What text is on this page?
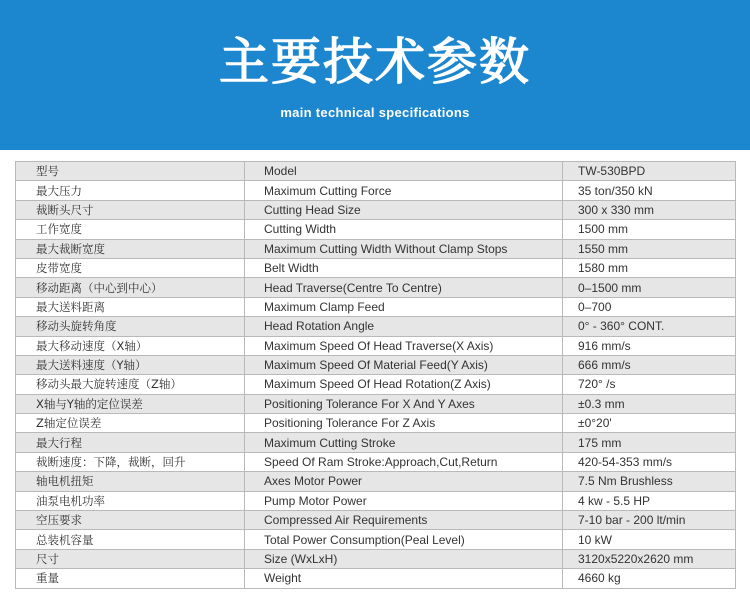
主要技术参数
main technical specifications
型号	Model	TW-530BPD
最大压力	Maximum Cutting Force	35 ton/350 kN
裁断头尺寸	Cutting Head Size	300 x 330 mm
工作宽度	Cutting Width	1500 mm
最大裁断宽度	Maximum Cutting Width Without Clamp Stops	1550 mm
皮带宽度	Belt Width	1580 mm
移动距离（中心到中心）	Head Traverse(Centre To Centre)	0–1500 mm
最大送料距离	Maximum Clamp Feed	0–700
移动头旋转角度	Head Rotation Angle	0° - 360° CONT.
最大移动速度（X轴）	Maximum Speed Of Head Traverse(X Axis)	916 mm/s
最大送料速度（Y轴）	Maximum Speed Of Material Feed(Y Axis)	666 mm/s
移动头最大旋转速度（Z轴）	Maximum Speed Of Head Rotation(Z Axis)	720° /s
X轴与Y轴的定位误差	Positioning Tolerance For X And Y Axes	±0.3 mm
Z轴定位误差	Positioning Tolerance For Z Axis	±0°20'
最大行程	Maximum Cutting Stroke	175 mm
裁断速度：下降，裁断，回升	Speed Of Ram Stroke:Approach,Cut,Return	420-54-353 mm/s
轴电机扭矩	Axes Motor Power	7.5 Nm Brushless
油泵电机功率	Pump Motor Power	4 kw - 5.5 HP
空压要求	Compressed Air Requirements	7-10 bar - 200 lt/min
总装机容量	Total Power Consumption(Peal Level)	10 kW
尺寸	Size (WxLxH)	3120x5220x2620 mm
重量	Weight	4660 kg
